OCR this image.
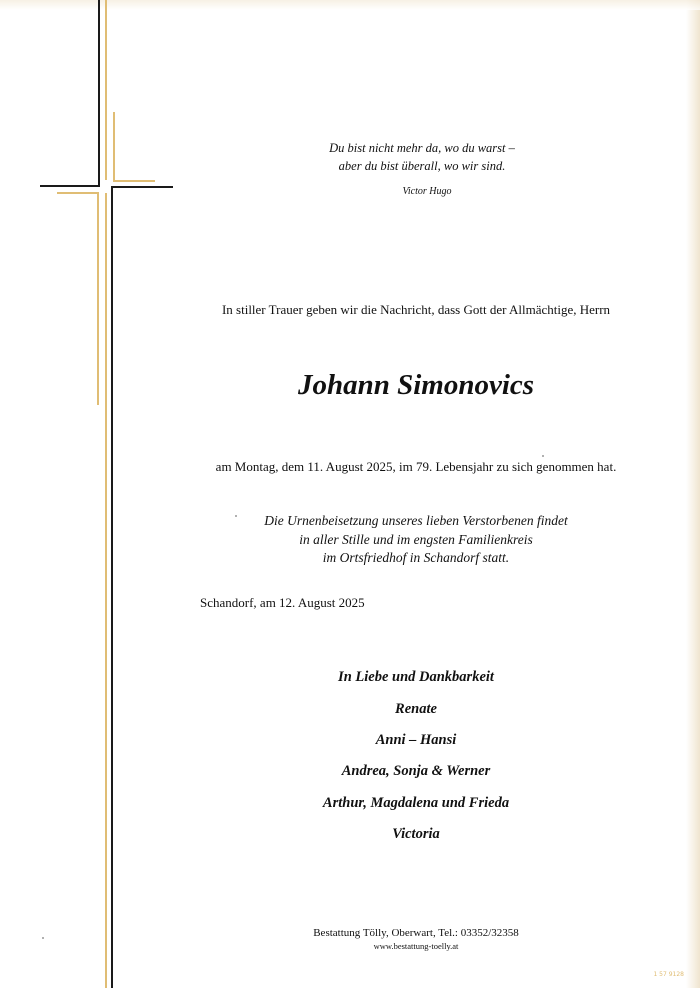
Du bist nicht mehr da, wo du warst –
aber du bist überall, wo wir sind.
Victor Hugo
In stiller Trauer geben wir die Nachricht, dass Gott der Allmächtige, Herrn
Johann Simonovics
am Montag, dem 11. August 2025, im 79. Lebensjahr zu sich genommen hat.
Die Urnenbeisetzung unseres lieben Verstorbenen findet
in aller Stille und im engsten Familienkreis
im Ortsfriedhof in Schandorf statt.
Schandorf, am 12. August 2025
In Liebe und Dankbarkeit
Renate
Anni – Hansi
Andrea, Sonja & Werner
Arthur, Magdalena und Frieda
Victoria
Bestattung Tölly, Oberwart, Tel.: 03352/32358
www.bestattung-toelly.at
1 57 9128
